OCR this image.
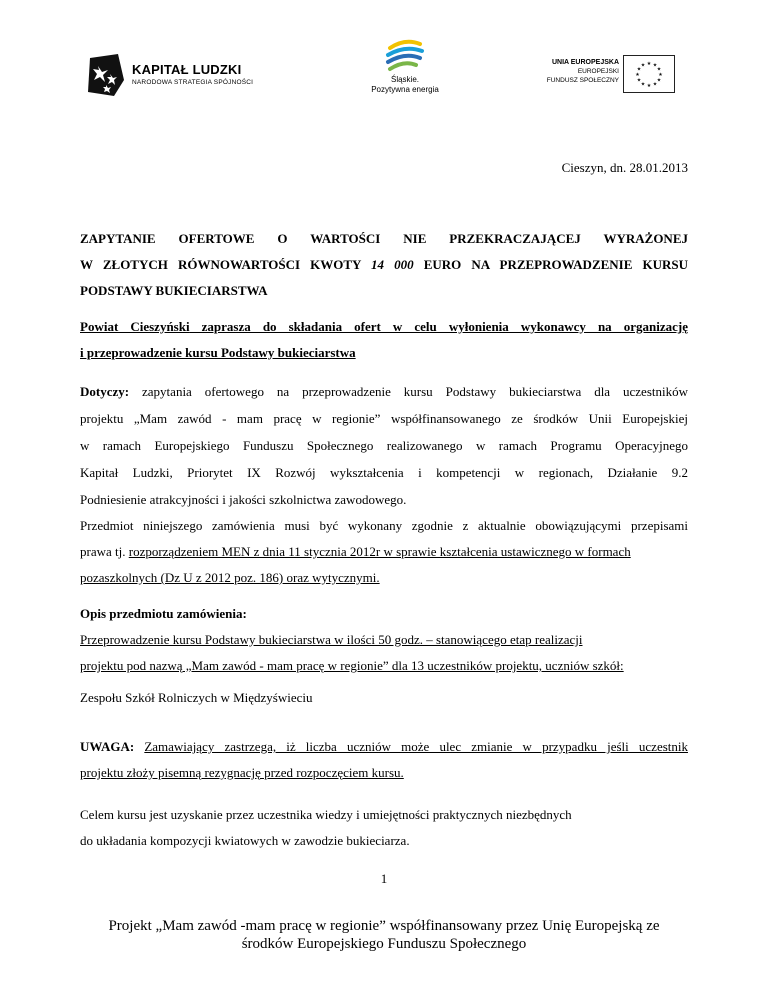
KAPITAŁ LUDZKI
NARODOWA STRATEGIA SPÓJNOŚCI	Śląskie.
Pozytywna energia
UNIA EUROPEJSKA
EUROPEJSKI
FUNDUSZ SPOŁECZNY
★ ★
★
★
★
★
★
★
★
★
★
★
Cieszyn, dn. 28.01.2013
ZAPYTANIE OFERTOWE O WARTOŚCI NIE PRZEKRACZAJĄCEJ WYRAŻONEJ
W ZŁOTYCH RÓWNOWARTOŚCI KWOTY 14 000 EURO NA PRZEPROWADZENIE KURSU
PODSTAWY BUKIECIARSTWA
Powiat Cieszyński zaprasza do składania ofert w celu wyłonienia wykonawcy na organizację
i przeprowadzenie kursu Podstawy bukieciarstwa
Dotyczy: zapytania ofertowego na przeprowadzenie kursu Podstawy bukieciarstwa dla uczestników
projektu „Mam zawód - mam pracę w regionie” współfinansowanego ze środków Unii Europejskiej
w ramach Europejskiego Funduszu Społecznego realizowanego w ramach Programu Operacyjnego
Kapitał Ludzki, Priorytet IX Rozwój wykształcenia i kompetencji w regionach, Działanie 9.2
Podniesienie atrakcyjności i jakości szkolnictwa zawodowego.
Przedmiot niniejszego zamówienia musi być wykonany zgodnie z aktualnie obowiązującymi przepisami
prawa tj. rozporządzeniem MEN z dnia 11 stycznia 2012r w sprawie kształcenia ustawicznego w formach
pozaszkolnych (Dz U z 2012 poz. 186) oraz wytycznymi.
Opis przedmiotu zamówienia:
Przeprowadzenie kursu Podstawy bukieciarstwa w ilości 50 godz. – stanowiącego etap realizacji
projektu pod nazwą „Mam zawód - mam pracę w regionie” dla 13 uczestników projektu, uczniów szkół:
Zespołu Szkół Rolniczych w Międzyświeciu
UWAGA: Zamawiający zastrzega, iż liczba uczniów może ulec zmianie w przypadku jeśli uczestnik
projektu złoży pisemną rezygnację przed rozpoczęciem kursu.
Celem kursu jest uzyskanie przez uczestnika wiedzy i umiejętności praktycznych niezbędnych
do układania kompozycji kwiatowych w zawodzie bukieciarza.
1
Projekt „Mam zawód -mam pracę w regionie” współfinansowany przez Unię Europejską ze
środków Europejskiego Funduszu Społecznego
